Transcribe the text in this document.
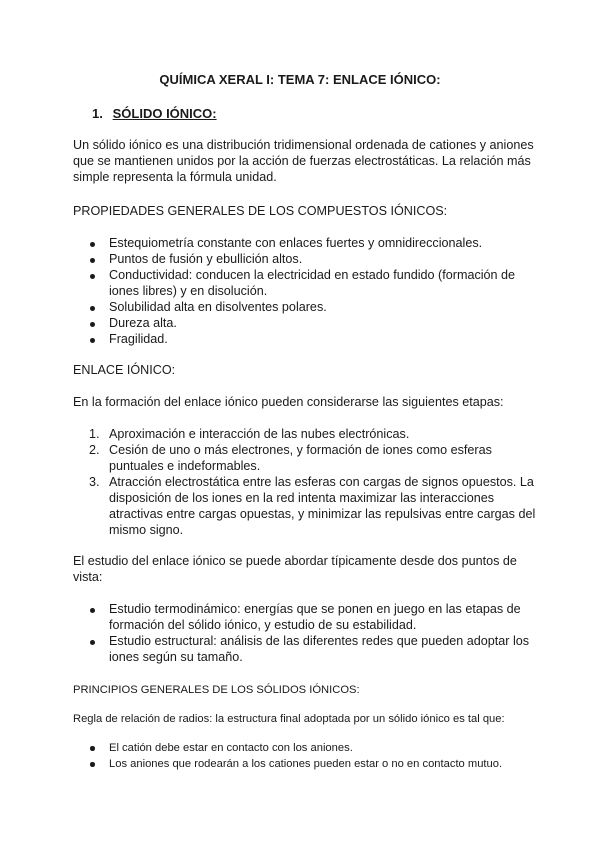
QUÍMICA XERAL I: TEMA 7: ENLACE IÓNICO:
1. SÓLIDO IÓNICO:
Un sólido iónico es una distribución tridimensional ordenada de cationes y aniones
que se mantienen unidos por la acción de fuerzas electrostáticas. La relación más
simple representa la fórmula unidad.
PROPIEDADES GENERALES DE LOS COMPUESTOS IÓNICOS:
Estequiometría constante con enlaces fuertes y omnidireccionales.
Puntos de fusión y ebullición altos.
Conductividad: conducen la electricidad en estado fundido (formación de
iones libres) y en disolución.
Solubilidad alta en disolventes polares.
Dureza alta.
Fragilidad.
ENLACE IÓNICO:
En la formación del enlace iónico pueden considerarse las siguientes etapas:
1. Aproximación e interacción de las nubes electrónicas.
2. Cesión de uno o más electrones, y formación de iones como esferas
puntuales e indeformables.
3. Atracción electrostática entre las esferas con cargas de signos opuestos. La
disposición de los iones en la red intenta maximizar las interacciones
atractivas entre cargas opuestas, y minimizar las repulsivas entre cargas del
mismo signo.
El estudio del enlace iónico se puede abordar típicamente desde dos puntos de
vista:
Estudio termodinámico: energías que se ponen en juego en las etapas de
formación del sólido iónico, y estudio de su estabilidad.
Estudio estructural: análisis de las diferentes redes que pueden adoptar los
iones según su tamaño.
PRINCIPIOS GENERALES DE LOS SÓLIDOS IÓNICOS:
Regla de relación de radios: la estructura final adoptada por un sólido iónico es tal que:
El catión debe estar en contacto con los aniones.
Los aniones que rodearán a los cationes pueden estar o no en contacto mutuo.
